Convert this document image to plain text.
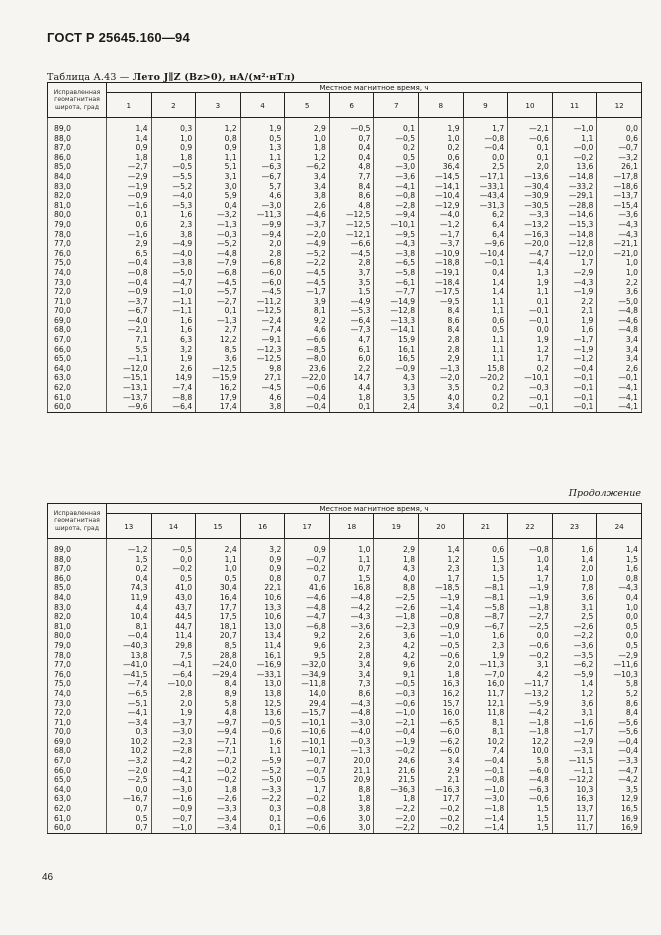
ГОСТ Р 25645.160—94
Таблица А.43 — Лето J∥Z (Bz>0), нА/(м²·нТл)
Исправленная геомагнитная широта, град	Местное магнитное время, ч											
	1	2	3	4	5	6	7	8	9	10	11	12
89,0	1,4	0,3	1,2	1,9	2,9	—0,5	0,1	1,9	1,7	—2,1	—1,0	0,0
88,0	1,4	1,0	0,8	0,5	1,0	0,7	—0,5	1,0	—0,8	—0,6	1,1	0,6
87,0	0,9	0,9	0,9	1,3	1,8	0,4	0,2	0,2	—0,4	0,1	—0,0	—0,7
86,0	1,8	1,8	1,1	1,1	1,2	0,4	0,5	0,6	0,0	0,1	—0,2	—3,2
85,0	—2,7	—0,5	5,1	—6,3	—6,2	4,8	—3,0	36,4	2,5	2,0	13,6	26,1
84,0	—2,9	—5,5	3,1	—6,7	3,4	7,7	—3,6	—14,5	—17,1	—13,6	—14,8	—17,8
83,0	—1,9	—5,2	3,0	5,7	3,4	8,4	—4,1	—14,1	—33,1	—30,4	—33,2	—18,6
82,0	—0,9	—4,0	5,9	4,6	3,8	8,6	—0,8	—10,4	—43,4	—30,9	—29,1	—13,7
81,0	—1,6	—5,3	0,4	—3,0	2,6	4,8	—2,8	—12,9	—31,3	—30,5	—28,8	—15,4
80,0	0,1	1,6	—3,2	—11,3	—4,6	—12,5	—9,4	—4,0	6,2	—3,3	—14,6	—3,6
79,0	0,6	2,3	—1,3	—9,9	—3,7	—12,5	—10,1	—1,2	6,4	—13,2	—15,3	—4,3
78,0	—1,6	3,8	—0,3	—9,4	—2,0	—12,1	—9,5	—1,7	6,4	—16,3	—14,8	—4,3
77,0	2,9	—4,9	—5,2	2,0	—4,9	—6,6	—4,3	—3,7	—9,6	—20,0	—12,8	—21,1
76,0	6,5	—4,0	—4,8	2,8	—5,2	—4,5	—3,8	—10,9	—10,4	—4,7	—12,0	—21,0
75,0	—0,4	—3,8	—7,9	—6,8	—2,2	2,8	—6,5	—18,8	—0,1	—4,4	1,7	1,0
74,0	—0,8	—5,0	—6,8	—6,0	—4,5	3,7	—5,8	—19,1	0,4	1,3	—2,9	1,0
73,0	—0,4	—4,7	—4,5	—6,0	—4,5	3,5	—6,1	—18,4	1,4	1,9	—4,3	2,2
72,0	—0,9	—1,0	—5,7	—4,5	—1,7	1,5	—7,7	—17,5	1,4	1,1	—1,9	3,6
71,0	—3,7	—1,1	—2,7	—11,2	3,9	—4,9	—14,9	—9,5	1,1	0,1	2,2	—5,0
70,0	—6,7	—1,1	0,1	—12,5	8,1	—5,3	—12,8	8,4	1,1	—0,1	2,1	—4,8
69,0	—4,0	1,6	—1,3	—2,4	9,2	—6,4	—13,3	8,6	0,6	—0,1	1,9	—4,6
68,0	—2,1	1,6	2,7	—7,4	4,6	—7,3	—14,1	8,4	0,5	0,0	1,6	—4,8
67,0	7,1	6,3	12,2	—9,1	—6,6	4,7	15,9	2,8	1,1	1,9	—1,7	3,4
66,0	5,5	3,2	8,5	—12,3	—8,5	6,1	16,1	2,8	1,1	1,2	—1,9	3,4
65,0	—1,1	1,9	3,6	—12,5	—8,0	6,0	16,5	2,9	1,1	1,7	—1,2	3,4
64,0	—12,0	2,6	—12,5	9,8	23,6	2,2	—0,9	—1,3	15,8	0,2	—0,4	2,6
63,0	—15,1	14,9	—15,9	27,1	—22,0	14,7	4,3	—2,0	—20,2	—10,1	—0,1	—0,1
62,0	—13,1	—7,4	16,2	—4,5	—0,6	4,4	3,3	3,5	0,2	—0,3	—0,1	—4,1
61,0	—13,7	—8,8	17,9	4,6	—0,4	1,8	3,5	4,0	0,2	—0,1	—0,1	—4,1
60,0	—9,6	—6,4	17,4	3,8	—0,4	0,1	2,4	3,4	0,2	—0,1	—0,1	—4,1
Продолжение
Исправленная геомагнитная широта, град	Местное магнитное время, ч											
	13	14	15	16	17	18	19	20	21	22	23	24
89,0	—1,2	—0,5	2,4	3,2	0,9	1,0	2,9	1,4	0,6	—0,8	1,6	1,4
88,0	1,5	0,0	1,1	0,9	—0,7	1,1	1,8	1,2	1,5	1,0	1,4	1,5
87,0	0,2	—0,2	1,0	0,9	—0,2	0,7	4,3	2,3	1,3	1,4	2,0	1,6
86,0	0,4	0,5	0,5	0,8	0,7	1,5	4,0	1,7	1,5	1,7	1,0	0,8
85,0	74,3	41,0	30,4	22,1	41,6	16,8	8,8	—18,5	—8,1	—1,9	7,8	—4,3
84,0	11,9	43,0	16,4	10,6	—4,6	—4,8	—2,5	—1,9	—8,1	—1,9	3,6	0,4
83,0	4,4	43,7	17,7	13,3	—4,8	—4,2	—2,6	—1,4	—5,8	—1,8	3,1	1,0
82,0	10,4	44,5	17,5	10,6	—4,7	—4,3	—1,8	—0,8	—8,7	—2,7	2,5	0,0
81,0	8,1	44,7	18,1	13,0	—6,8	—3,6	—2,3	—0,9	—6,7	—2,5	—2,6	0,5
80,0	—0,4	11,4	20,7	13,4	9,2	2,6	3,6	—1,0	1,6	0,0	—2,2	0,0
79,0	—40,3	29,8	8,5	11,4	9,6	2,3	4,2	—0,5	2,3	—0,6	—3,6	0,5
78,0	13,8	7,5	28,8	16,1	9,5	2,8	4,2	—0,6	1,9	—0,2	—3,5	—2,9
77,0	—41,0	—4,1	—24,0	—16,9	—32,0	3,4	9,6	2,0	—11,3	3,1	—6,2	—11,6
76,0	—41,5	—6,4	—29,4	—33,1	—34,9	3,4	9,1	1,8	—7,0	4,2	—5,9	—10,3
75,0	—7,4	—10,0	8,4	13,0	—11,8	7,3	—0,5	16,3	16,0	—11,7	1,4	5,8
74,0	—6,5	2,8	8,9	13,8	14,0	8,6	—0,3	16,2	11,7	—13,2	1,2	5,2
73,0	—5,1	2,0	5,8	12,5	29,4	—4,3	—0,6	15,7	12,1	—5,9	3,6	8,6
72,0	—4,1	1,9	4,8	13,6	—15,7	—4,8	—1,0	16,0	11,8	—4,2	3,1	8,4
71,0	—3,4	—3,7	—9,7	—0,5	—10,1	—3,0	—2,1	—6,5	8,1	—1,8	—1,6	—5,6
70,0	0,3	—3,0	—9,4	—0,6	—10,6	—4,0	—0,4	—6,0	8,1	—1,8	—1,7	—5,6
69,0	10,2	—2,3	—7,1	1,6	—10,1	—0,3	—1,9	—6,2	10,2	12,2	—2,9	—0,4
68,0	10,2	—2,8	—7,1	1,1	—10,1	—1,3	—0,2	—6,0	7,4	10,0	—3,1	—0,4
67,0	—3,2	—4,2	—0,2	—5,9	—0,7	20,0	24,6	3,4	—0,4	5,8	—11,5	—3,3
66,0	—2,0	—4,2	—0,2	—5,2	—0,7	21,1	21,6	2,9	—0,1	—6,0	—1,1	—4,7
65,0	—2,5	—4,1	—0,2	—5,0	—0,5	20,9	21,5	2,1	—0,8	—4,8	—12,2	—4,2
64,0	0,0	—3,0	1,8	—3,3	1,7	8,8	—36,3	—16,3	—1,0	—6,3	10,3	3,5
63,0	—16,7	—1,6	—2,6	—2,2	—0,2	1,8	1,8	17,7	—3,0	—0,6	16,3	12,9
62,0	0,7	—0,9	—3,3	0,3	—0,8	3,8	—2,2	—0,2	—1,8	1,5	13,7	16,5
61,0	0,5	—0,7	—3,4	0,1	—0,6	3,0	—2,0	—0,2	—1,4	1,5	11,7	16,9
60,0	0,7	—1,0	—3,4	0,1	—0,6	3,0	—2,2	—0,2	—1,4	1,5	11,7	16,9
46
